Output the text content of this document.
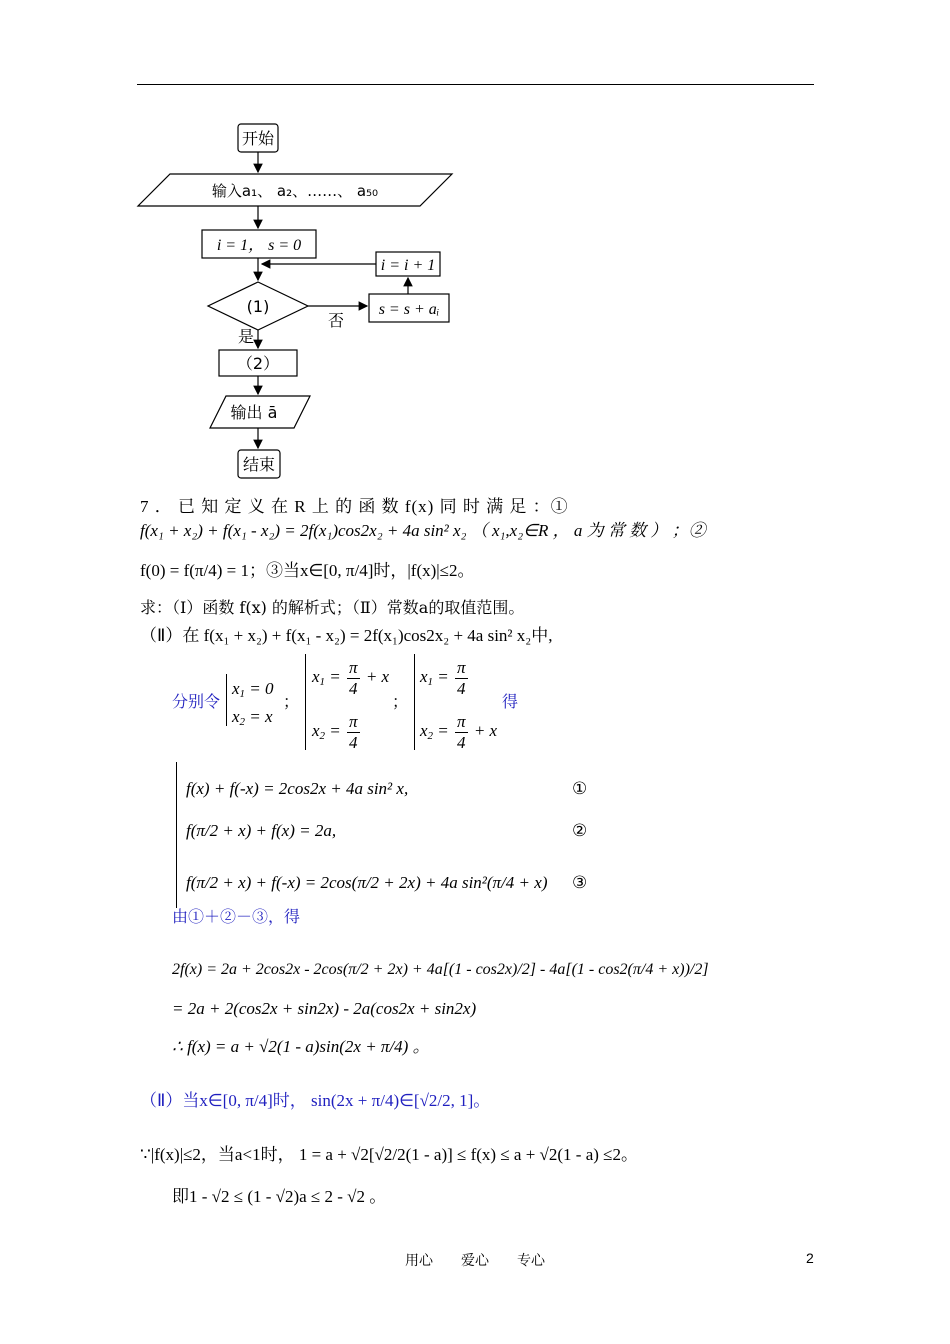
开始
输入a₁、 a₂、……、 a₅₀
i = 1， s = 0
i = i + 1
(1)	s = s + aᵢ
否
是
（2）
输出 ā
结束
7 ． 已 知 定 义 在 R 上 的 函 数 f(x) 同 时 满 足 ：①
f(x₁ + x₂) + f(x₁ - x₂) = 2f(x₁)cos2x₂ + 4a sin² x₂ （ x₁,x₂∈R ， a 为 常 数 ） ；②
f(0) = f(π/4) = 1；③当x∈[0, π/4]时，|f(x)|≤2。
求：（Ⅰ）函数 f(x) 的解析式；（Ⅱ）常数a的取值范围。
（Ⅱ）在 f(x₁ + x₂) + f(x₁ - x₂) = 2f(x₁)cos2x₂ + 4a sin² x₂中,
分别令
$x_1 = 0$
$x_2 = x$
；
$x_1 = \frac{\pi}{4} + x$
$x_2 = \frac{\pi}{4}$
；
$x_1 = \frac{\pi}{4}$
$x_2 = \frac{\pi}{4} + x$
得
f(x) + f(-x) = 2cos2x + 4a sin² x,	①
f(π/2 + x) + f(x) = 2a,	②
f(π/2 + x) + f(-x) = 2cos(π/2 + 2x) + 4a sin²(π/4 + x) ③
由①＋②－③，得
2f(x) = 2a + 2cos2x - 2cos(π/2 + 2x) + 4a[(1 - cos2x)/2] - 4a[(1 - cos2(π/4 + x))/2]
= 2a + 2(cos2x + sin2x) - 2a(cos2x + sin2x)
∴ f(x) = a + √2(1 - a)sin(2x + π/4) 。
（Ⅱ）当x∈[0, π/4]时， sin(2x + π/4)∈[√2/2, 1]。
∵|f(x)|≤2，当a<1时， 1 = a + √2[√2/2(1 - a)] ≤ f(x) ≤ a + √2(1 - a) ≤2。
即1 - √2 ≤ (1 - √2)a ≤ 2 - √2 。
用心　　爱心　　专心	2
